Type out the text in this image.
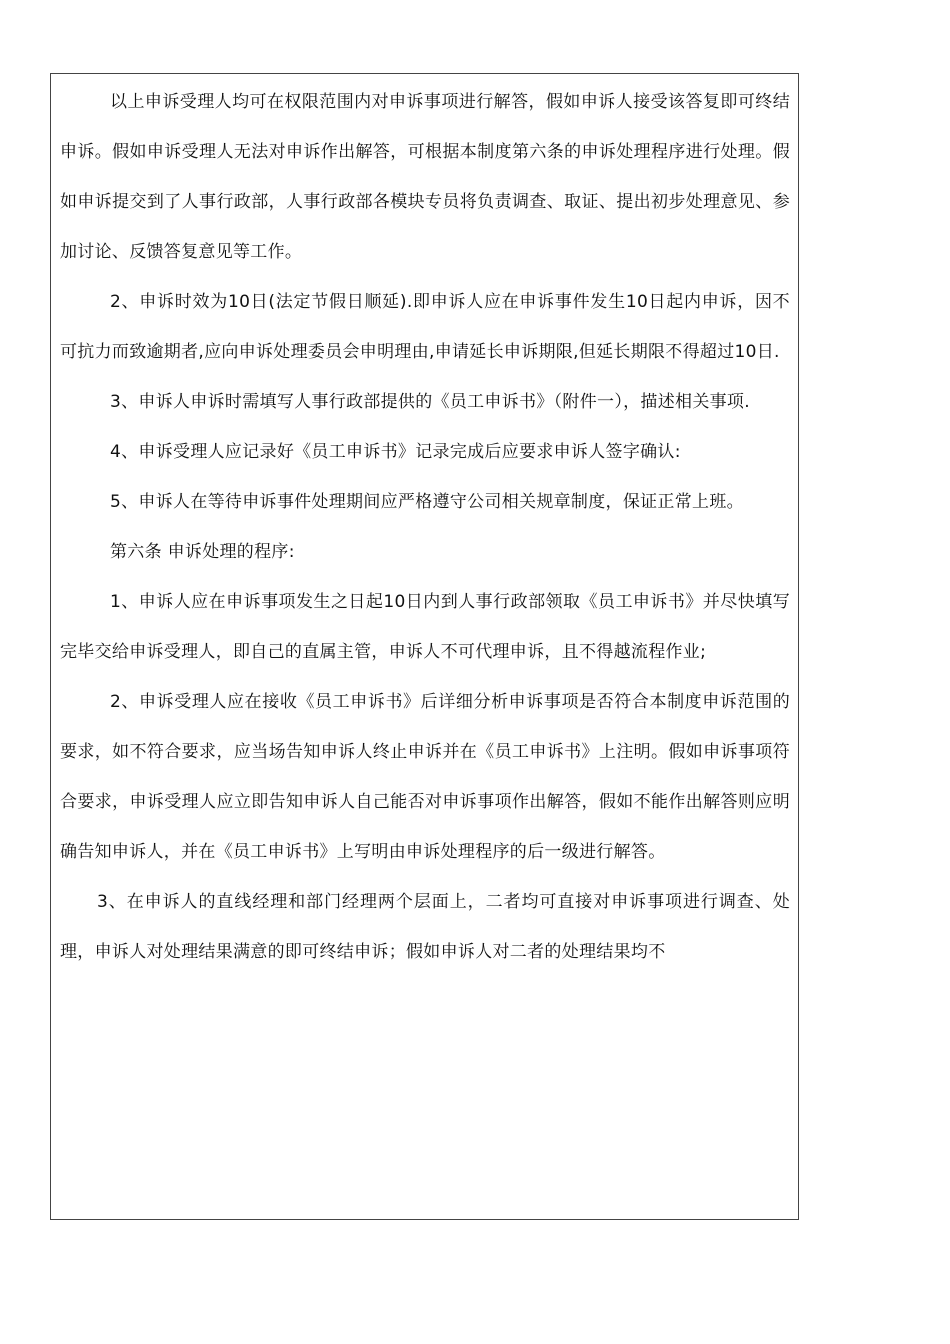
以上申诉受理人均可在权限范围内对申诉事项进行解答，假如申诉人接受该答复即可终结申诉。假如申诉受理人无法对申诉作出解答，可根据本制度第六条的申诉处理程序进行处理。假如申诉提交到了人事行政部，人事行政部各模块专员将负责调查、取证、提出初步处理意见、参加讨论、反馈答复意见等工作。

2、申诉时效为10日(法定节假日顺延).即申诉人应在申诉事件发生10日起内申诉，因不可抗力而致逾期者,应向申诉处理委员会申明理由,申请延长申诉期限,但延长期限不得超过10日.

3、申诉人申诉时需填写人事行政部提供的《员工申诉书》（附件一），描述相关事项.

4、申诉受理人应记录好《员工申诉书》记录完成后应要求申诉人签字确认:

5、申诉人在等待申诉事件处理期间应严格遵守公司相关规章制度，保证正常上班。

第六条 申诉处理的程序:

1、申诉人应在申诉事项发生之日起10日内到人事行政部领取《员工申诉书》并尽快填写完毕交给申诉受理人，即自己的直属主管，申诉人不可代理申诉，且不得越流程作业;

2、申诉受理人应在接收《员工申诉书》后详细分析申诉事项是否符合本制度申诉范围的要求，如不符合要求，应当场告知申诉人终止申诉并在《员工申诉书》上注明。假如申诉事项符合要求，申诉受理人应立即告知申诉人自己能否对申诉事项作出解答，假如不能作出解答则应明确告知申诉人，并在《员工申诉书》上写明由申诉处理程序的后一级进行解答。

3、在申诉人的直线经理和部门经理两个层面上，二者均可直接对申诉事项进行调查、处理，申诉人对处理结果满意的即可终结申诉；假如申诉人对二者的处理结果均不
